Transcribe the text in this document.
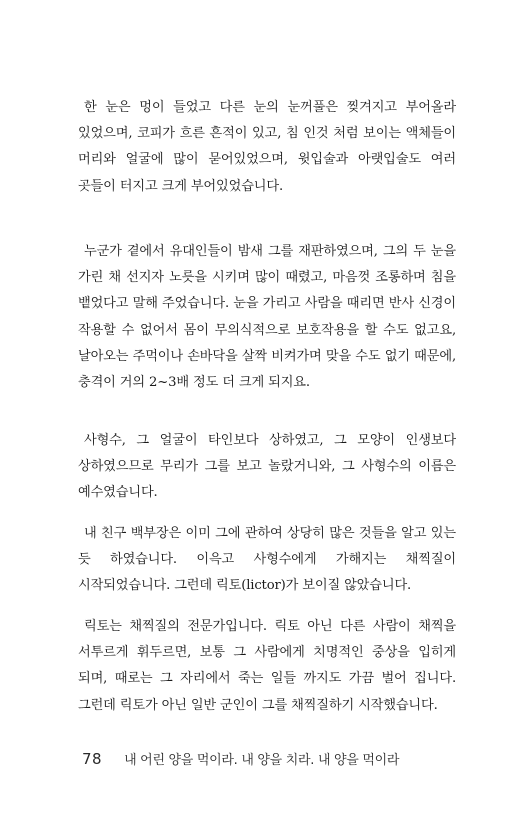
한 눈은 멍이 들었고 다른 눈의 눈꺼풀은 찢겨지고 부어올라 있었으며, 코피가 흐른 흔적이 있고, 침 인것 처럼 보이는 액체들이 머리와 얼굴에 많이 묻어있었으며, 윗입술과 아랫입술도 여러 곳들이 터지고 크게 부어있었습니다.

누군가 곁에서 유대인들이 밤새 그를 재판하였으며, 그의 두 눈을 가린 채 선지자 노릇을 시키며 많이 때렸고, 마음껏 조롱하며 침을 뱉었다고 말해 주었습니다. 눈을 가리고 사람을 때리면 반사 신경이 작용할 수 없어서 몸이 무의식적으로 보호작용을 할 수도 없고요, 날아오는 주먹이나 손바닥을 살짝 비켜가며 맞을 수도 없기 때문에, 충격이 거의 2~3배 정도 더 크게 되지요.

사형수, 그 얼굴이 타인보다 상하였고, 그 모양이 인생보다 상하였으므로 무리가 그를 보고 놀랐거니와, 그 사형수의 이름은 예수였습니다.

내 친구 백부장은 이미 그에 관하여 상당히 많은 것들을 알고 있는 듯 하였습니다. 이윽고 사형수에게 가해지는 채찍질이 시작되었습니다. 그런데 릭토(lictor)가 보이질 않았습니다.

릭토는 채찍질의 전문가입니다. 릭토 아닌 다른 사람이 채찍을 서투르게 휘두르면, 보통 그 사람에게 치명적인 중상을 입히게 되며, 때로는 그 자리에서 죽는 일들 까지도 가끔 벌어 집니다. 그런데 릭토가 아닌 일반 군인이 그를 채찍질하기 시작했습니다.

78 내 어린 양을 먹이라. 내 양을 치라. 내 양을 먹이라
